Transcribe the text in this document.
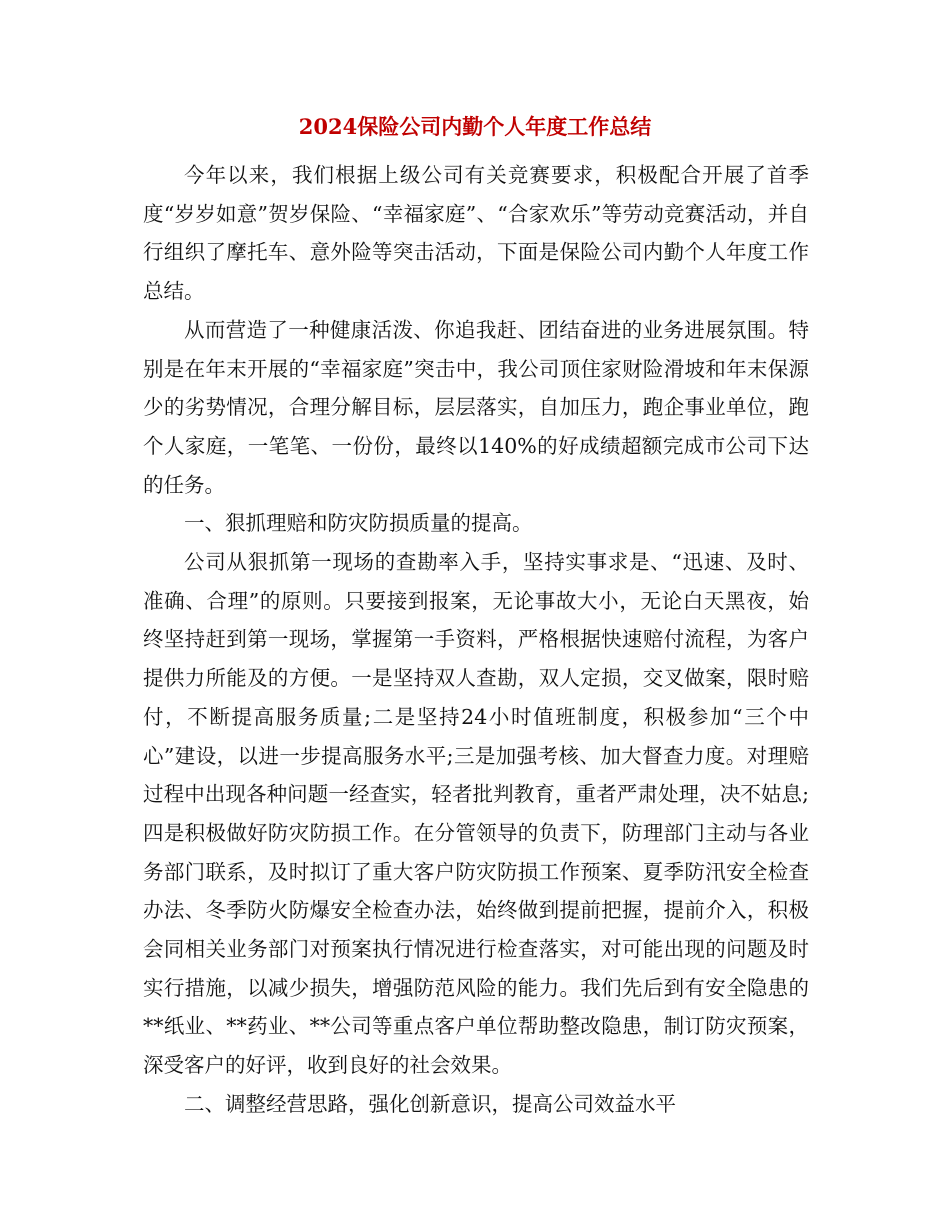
2024保险公司内勤个人年度工作总结

今年以来，我们根据上级公司有关竞赛要求，积极配合开展了首季度“岁岁如意”贺岁保险、“幸福家庭”、“合家欢乐”等劳动竞赛活动，并自行组织了摩托车、意外险等突击活动，下面是保险公司内勤个人年度工作总结。

从而营造了一种健康活泼、你追我赶、团结奋进的业务进展氛围。特别是在年末开展的“幸福家庭”突击中，我公司顶住家财险滑坡和年末保源少的劣势情况，合理分解目标，层层落实，自加压力，跑企事业单位，跑个人家庭，一笔笔、一份份，最终以140%的好成绩超额完成市公司下达的任务。

一、狠抓理赔和防灾防损质量的提高。

公司从狠抓第一现场的查勘率入手，坚持实事求是、“迅速、及时、准确、合理”的原则。只要接到报案，无论事故大小，无论白天黑夜，始终坚持赶到第一现场，掌握第一手资料，严格根据快速赔付流程，为客户提供力所能及的方便。一是坚持双人查勘，双人定损，交叉做案，限时赔付，不断提高服务质量;二是坚持24小时值班制度，积极参加“三个中心”建设，以进一步提高服务水平;三是加强考核、加大督查力度。对理赔过程中出现各种问题一经查实，轻者批判教育，重者严肃处理，决不姑息;四是积极做好防灾防损工作。在分管领导的负责下，防理部门主动与各业务部门联系，及时拟订了重大客户防灾防损工作预案、夏季防汛安全检查办法、冬季防火防爆安全检查办法，始终做到提前把握，提前介入，积极会同相关业务部门对预案执行情况进行检查落实，对可能出现的问题及时实行措施，以减少损失，增强防范风险的能力。我们先后到有安全隐患的**纸业、**药业、**公司等重点客户单位帮助整改隐患，制订防灾预案，深受客户的好评，收到良好的社会效果。

二、调整经营思路，强化创新意识，提高公司效益水平
